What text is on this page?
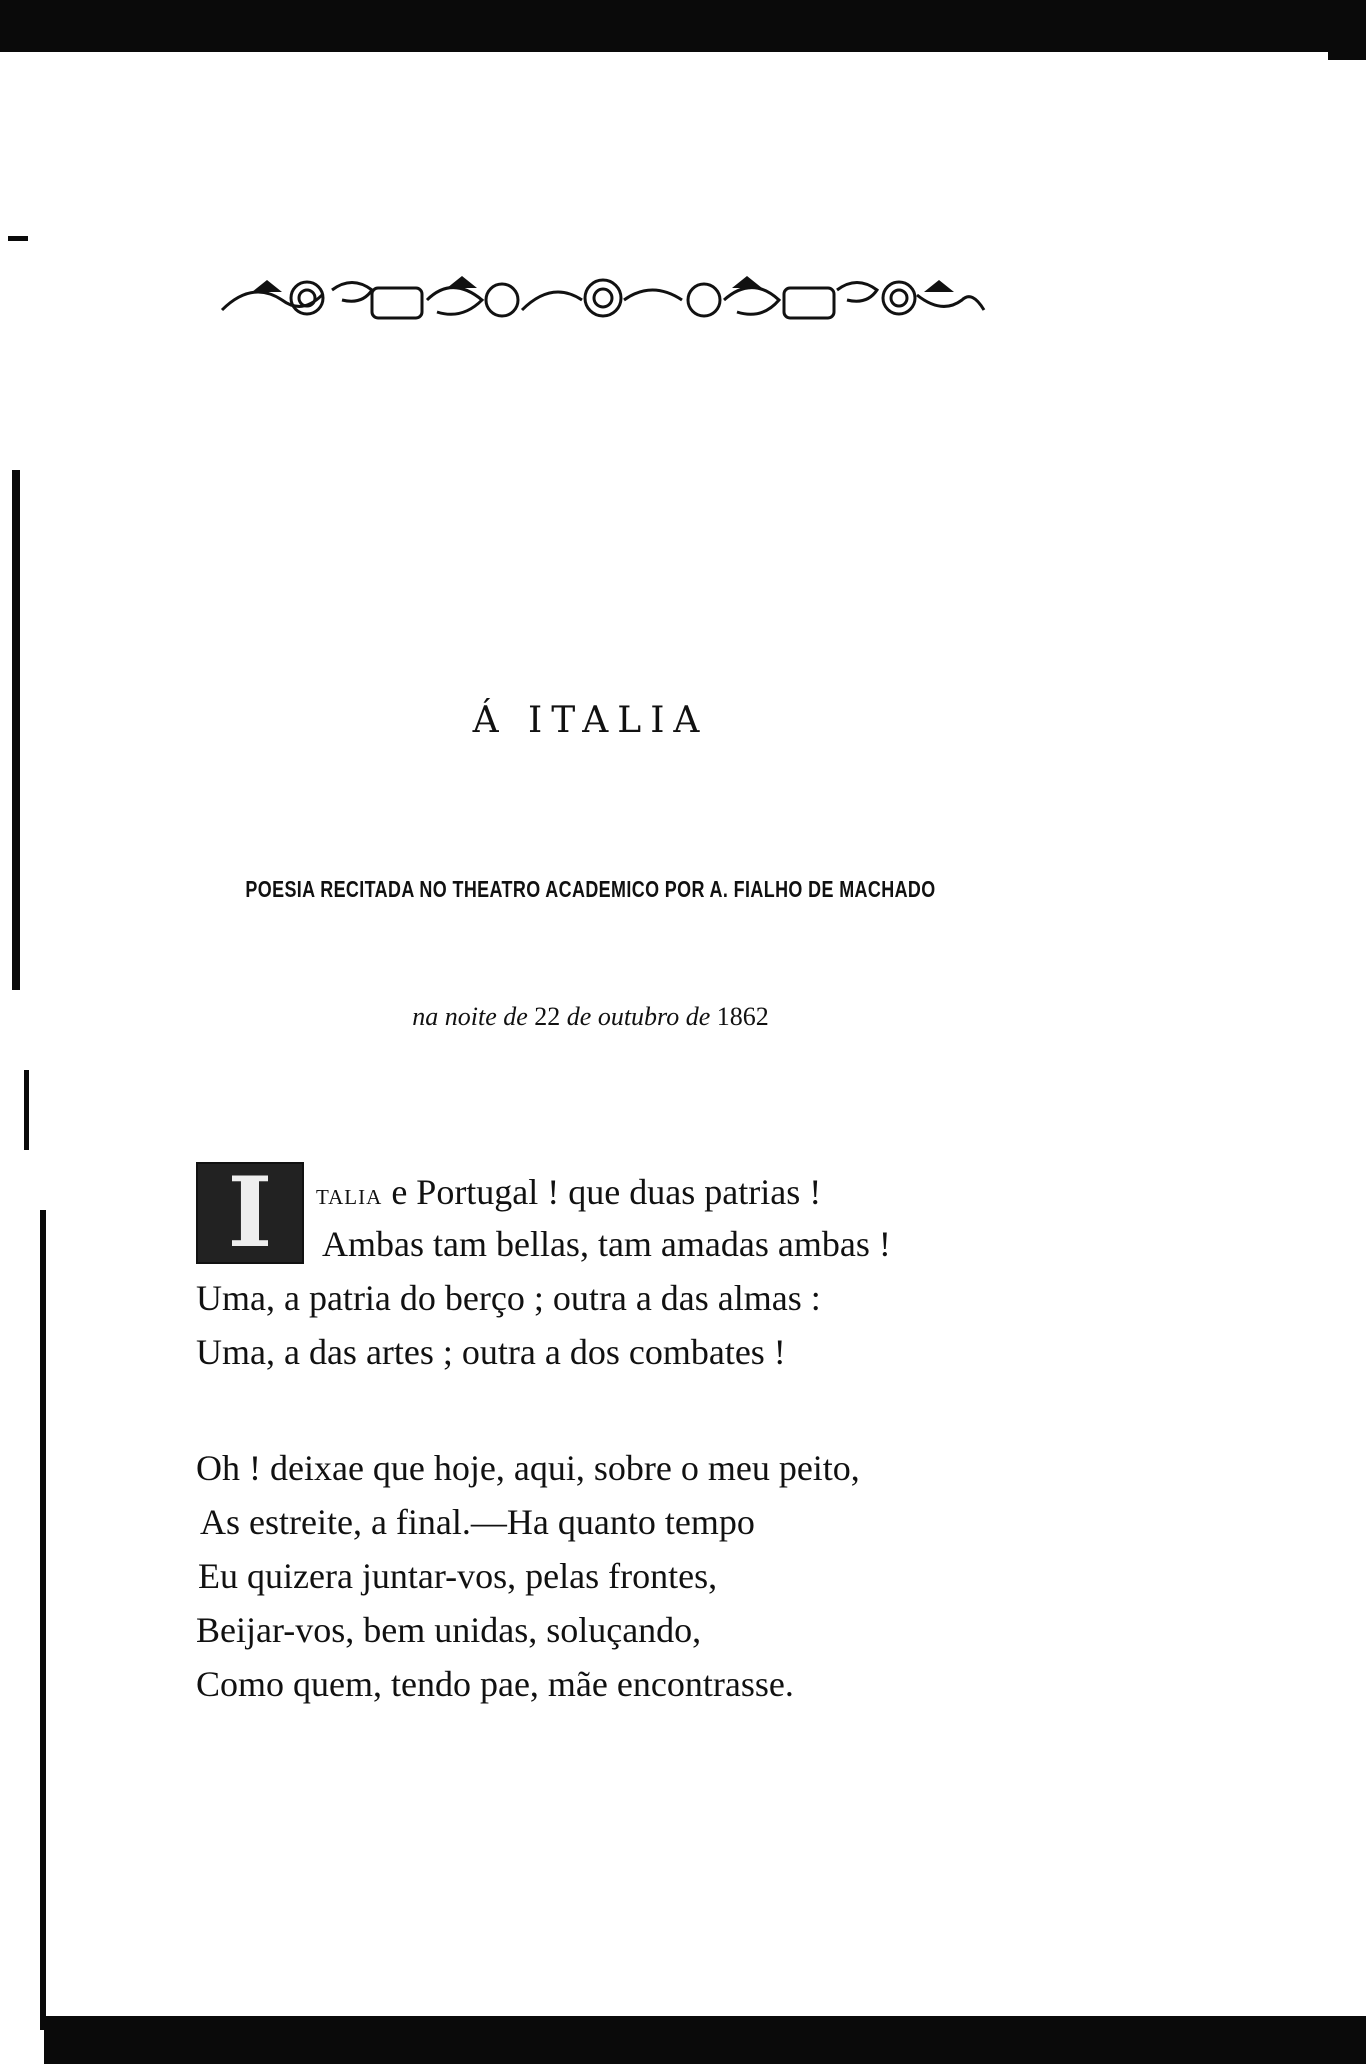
Á ITALIA
POESIA RECITADA NO THEATRO ACADEMICO POR A. FIALHO DE MACHADO
na noite de 22 de outubro de 1862
I	talia e Portugal ! que duas patrias !
Ambas tam bellas, tam amadas ambas !
Uma, a patria do berço ; outra a das almas :
Uma, a das artes ; outra a dos combates !
Oh ! deixae que hoje, aqui, sobre o meu peito,
As estreite, a final.—Ha quanto tempo
Eu quizera juntar-vos, pelas frontes,
Beijar-vos, bem unidas, soluçando,
Como quem, tendo pae, mãe encontrasse.
